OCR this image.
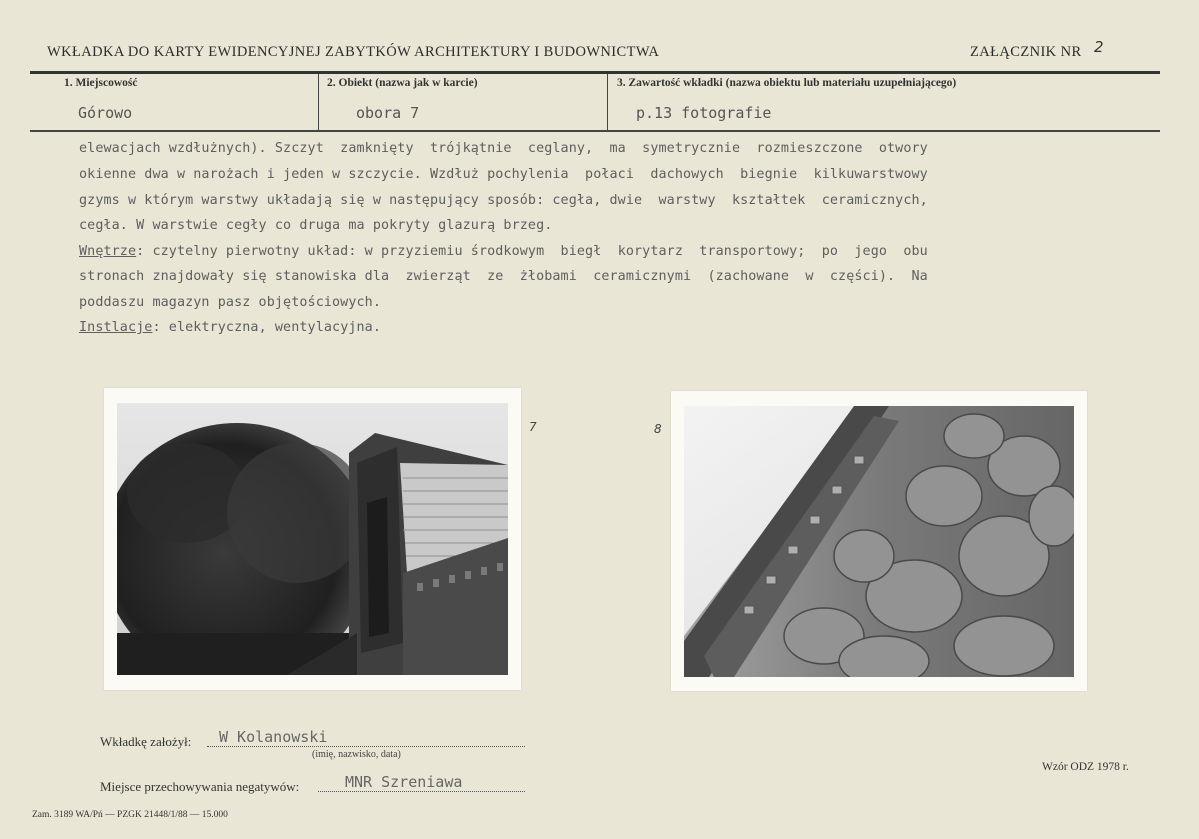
WKŁADKA DO KARTY EWIDENCYJNEJ ZABYTKÓW ARCHITEKTURY I BUDOWNICTWA	ZAŁĄCZNIK NR 2
1. Miejscowość
Górowo
2. Obiekt (nazwa jak w karcie)
obora 7
3. Zawartość wkładki (nazwa obiektu lub materiału uzupełniającego)
p.13 fotografie
elewacjach wzdłużnych). Szczyt  zamknięty  trójkątnie  ceglany,  ma  symetrycznie  rozmieszczone  otwory
okienne dwa w narożach i jeden w szczycie. Wzdłuż pochylenia  połaci  dachowych  biegnie  kilkuwarstwowy
gzyms w którym warstwy układają się w następujący sposób: cegła, dwie  warstwy  kształtek  ceramicznych,
cegła. W warstwie cegły co druga ma pokryty glazurą brzeg.
Wnętrze: czytelny pierwotny układ: w przyziemiu środkowym  biegł  korytarz  transportowy;  po  jego  obu
stronach znajdowały się stanowiska dla  zwierząt  ze  żłobami  ceramicznymi  (zachowane  w  części).  Na
poddaszu magazyn pasz objętościowych.
Instlacje: elektryczna, wentylacyjna.
7	8
Wkładkę założył: W Kolanowski
(imię, nazwisko, data)
Miejsce przechowywania negatywów:	MNR Szreniawa
Wzór ODZ 1978 r.
Zam. 3189 WA/Pń — PZGK 21448/1/88 — 15.000
